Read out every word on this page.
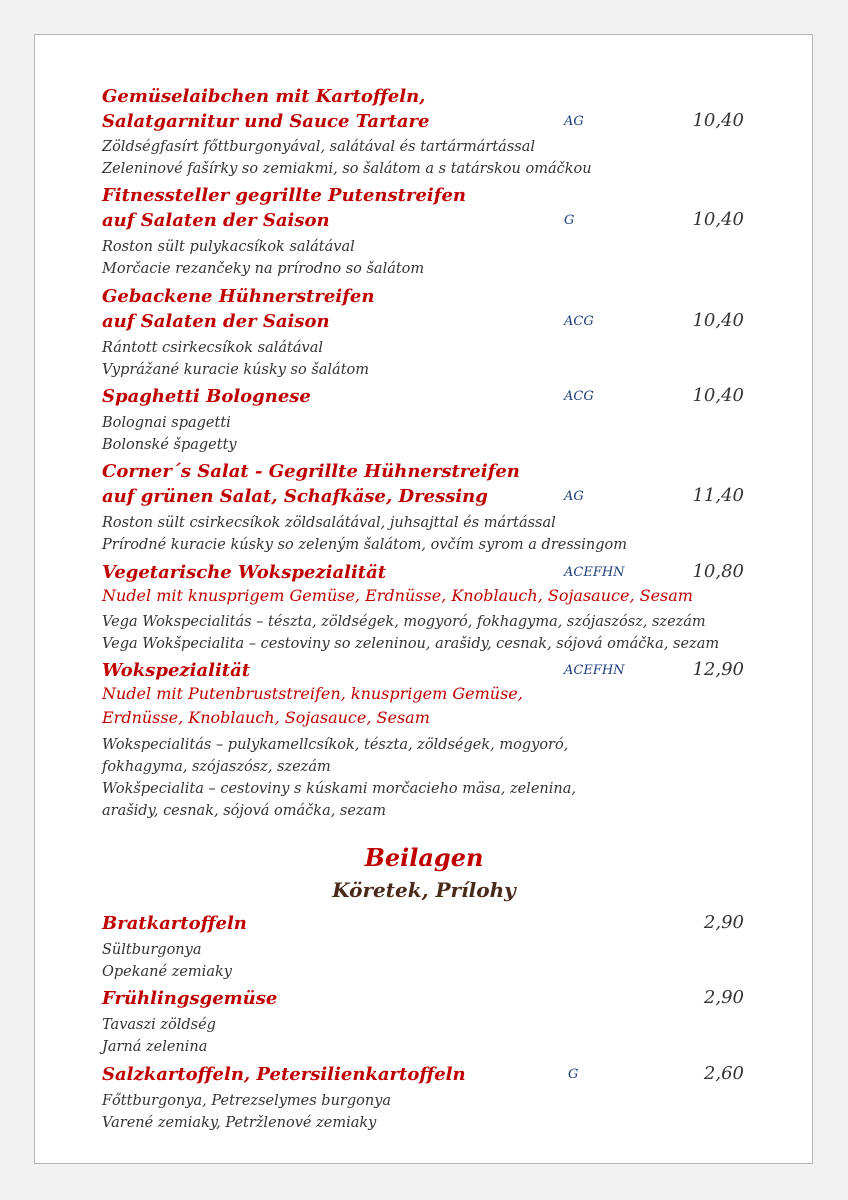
Gemüselaibchen mit Kartoffeln,
Salatgarnitur und Sauce Tartare	AG	10,40
Zöldségfasírt főttburgonyával, salátával és tartármártással
Zeleninové fašírky so zemiakmi, so šalátom a s tatárskou omáčkou
Fitnessteller gegrillte Putenstreifen
auf Salaten der Saison	G	10,40
Roston sült pulykacsíkok salátával
Morčacie rezančeky na prírodno so šalátom
Gebackene Hühnerstreifen
auf Salaten der Saison	ACG	10,40
Rántott csirkecsíkok salátával
Vyprážané kuracie kúsky so šalátom
Spaghetti Bolognese	ACG	10,40
Bolognai spagetti
Bolonské špagetty
Corner´s Salat - Gegrillte Hühnerstreifen
auf grünen Salat, Schafkäse, Dressing	AG	11,40
Roston sült csirkecsíkok zöldsalátával, juhsajttal és mártással
Prírodné kuracie kúsky so zeleným šalátom, ovčím syrom a dressingom
Vegetarische Wokspezialität	ACEFHN	10,80
Nudel mit knusprigem Gemüse, Erdnüsse, Knoblauch, Sojasauce, Sesam
Vega Wokspecialitás – tészta, zöldségek, mogyoró, fokhagyma, szójaszósz, szezám
Vega Wokšpecialita – cestoviny so zeleninou, arašidy, cesnak, sójová omáčka, sezam
Wokspezialität	ACEFHN	12,90
Nudel mit Putenbruststreifen, knusprigem Gemüse,
Erdnüsse, Knoblauch, Sojasauce, Sesam
Wokspecialitás – pulykamellcsíkok, tészta, zöldségek, mogyoró,
fokhagyma, szójaszósz, szezám
Wokšpecialita – cestoviny s kúskami morčacieho mäsa, zelenina,
arašidy, cesnak, sójová omáčka, sezam
Beilagen
Köretek, Prílohy
Bratkartoffeln	2,90
Sültburgonya
Opekané zemiaky
Frühlingsgemüse	2,90
Tavaszi zöldség
Jarná zelenina
Salzkartoffeln, Petersilienkartoffeln	G	2,60
Főttburgonya, Petrezselymes burgonya
Varené zemiaky, Petržlenové zemiaky
